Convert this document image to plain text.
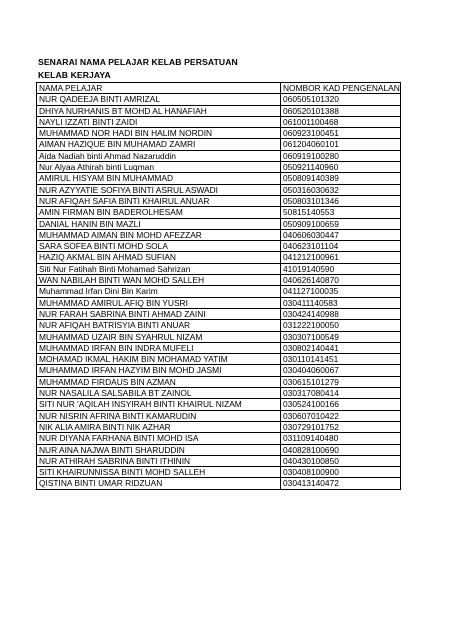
SENARAI NAMA PELAJAR KELAB PERSATUAN
KELAB KERJAYA
NAMA PELAJAR	NOMBOR KAD PENGENALAN
NUR QADEEJA BINTI AMRIZAL	060505101320
DHIYA NURHANIS BT MOHD AL HANAFIAH	060520101388
NAYLI IZZATI BINTI ZAIDI	061001100468
MUHAMMAD NOR HADI BIN HALIM NORDIN	060923100451
AIMAN HAZIQUE BIN MUHAMAD ZAMRI	061204060101
Aida Nadiah binti Ahmad Nazaruddin	060919100280
Nur Alyaa Athirah binti Luqman	050921140960
AMIRUL HISYAM BIN MUHAMMAD	050809140389
NUR AZYYATIE SOFIYA BINTI ASRUL ASWADI	050316030632
NUR AFIQAH SAFIA BINTI KHAIRUL ANUAR	050803101346
AMIN FIRMAN BIN BADEROLHESAM	50815140553
DANIAL HANIN BIN MAZLI	050909100659
MUHAMMAD AIMAN BIN MOHD AFEZZAR	040606030447
SARA SOFEA BINTI MOHD SOLA	040623101104
HAZIQ AKMAL BIN AHMAD SUFIAN	041212100961
Siti Nur Fatihah Binti Mohamad Sahrizan	41019140590
WAN NABILAH BINTI WAN MOHD SALLEH	040626140870
Muhammad Irfan Dini Bin Karim	041127100035
MUHAMMAD AMIRUL AFIQ BIN YUSRI	030411140583
NUR FARAH SABRINA BINTI AHMAD ZAINI	030424140988
NUR AFIQAH BATRISYIA BINTI ANUAR	031222100050
MUHAMMAD UZAIR BIN SYAHRUL NIZAM	030307100549
MUHAMMAD IRFAN BIN INDRA MUFELI	030802140441
MOHAMAD IKMAL HAKIM BIN MOHAMAD YATIM	030110141451
MUHAMMAD IRFAN HAZYIM BIN MOHD JASMI	030404060067
MUHAMMAD FIRDAUS BIN AZMAN	030615101279
NUR NASALILA SALSABILA BT ZAINOL	030317080414
SITI NUR 'AQILAH INSYIRAH BINTI KHAIRUL NIZAM	030524100166
NUR NISRIN AFRINA BINTI KAMARUDIN	030607010422
NIK ALIA AMIRA BINTI NIK AZHAR	030729101752
NUR DIYANA FARHANA BINTI MOHD ISA	031109140480
NUR AINA NAJWA BINTI SHARUDDIN	040828100690
NUR ATHIRAH SABRINA BINTI ITHININ	040430100850
SITI KHAIRUNNISSA BINTI MOHD SALLEH	030408100900
QISTINA BINTI UMAR RIDZUAN	030413140472
